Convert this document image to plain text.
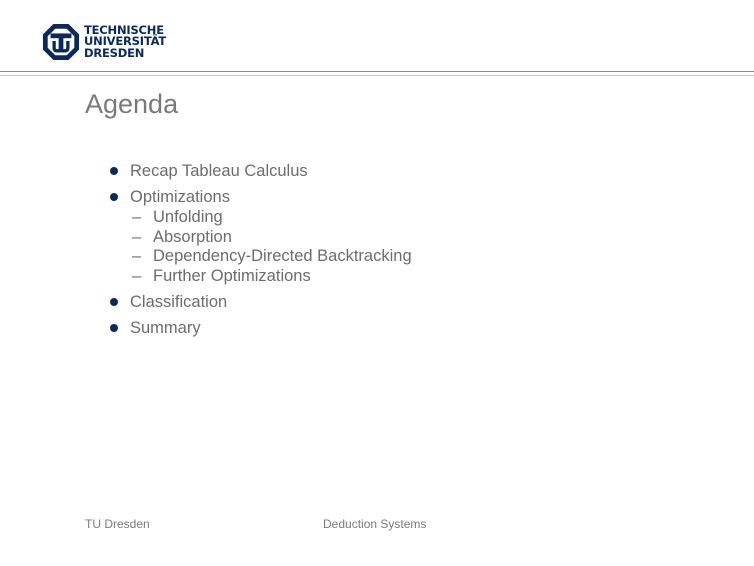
TECHNISCHE
UNIVERSITÄT
DRESDEN
Agenda
Recap Tableau Calculus
Optimizations
– Unfolding
– Absorption
– Dependency-Directed Backtracking
– Further Optimizations
Classification
Summary
TU Dresden	Deduction Systems
